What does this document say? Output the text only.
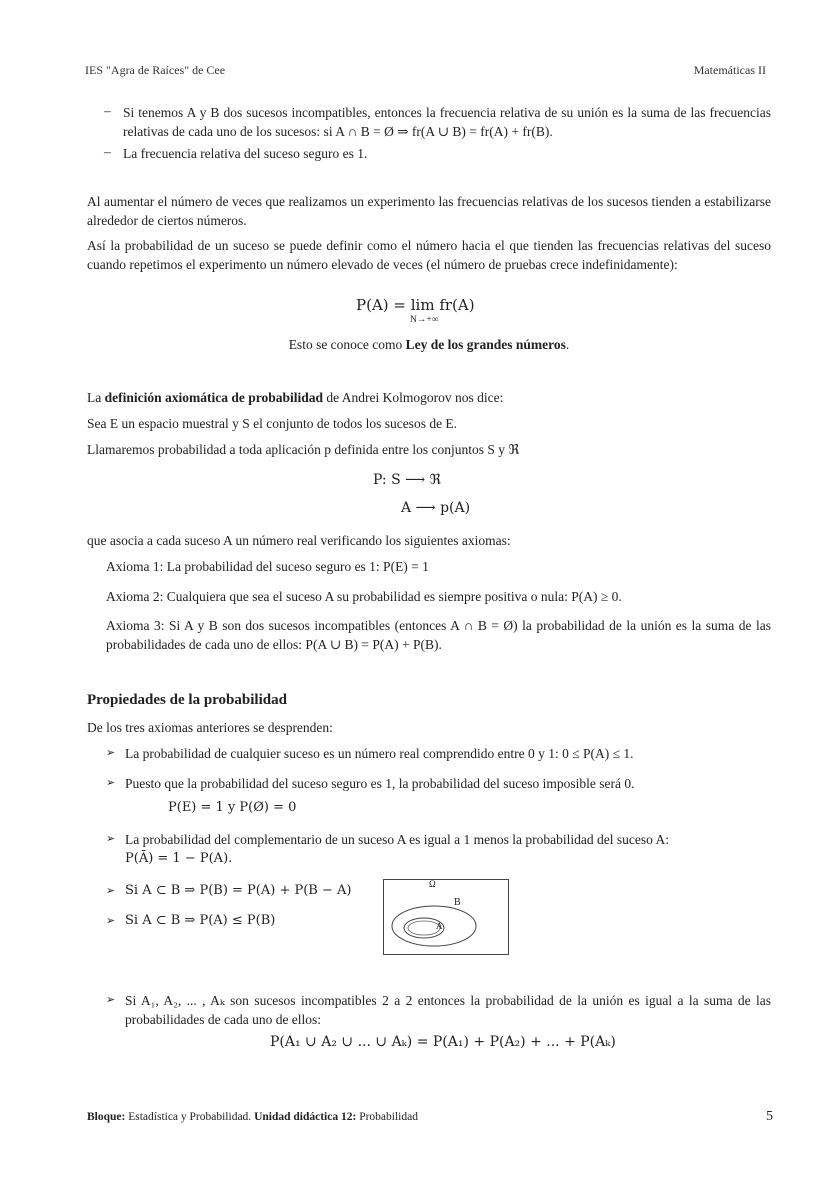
IES "Agra de Raíces" de Cee	Matemáticas II
– Si tenemos A y B dos sucesos incompatibles, entonces la frecuencia relativa de su unión es la suma de las frecuencias relativas de cada uno de los sucesos: si A ∩ B = Ø ⇒ fr(A ∪ B) = fr(A) + fr(B).
– La frecuencia relativa del suceso seguro es 1.
Al aumentar el número de veces que realizamos un experimento las frecuencias relativas de los sucesos tienden a estabilizarse alrededor de ciertos números.
Así la probabilidad de un suceso se puede definir como el número hacia el que tienden las frecuencias relativas del suceso cuando repetimos el experimento un número elevado de veces (el número de pruebas crece indefinidamente):
P(A) = lim fr(A)
N→+∞
Esto se conoce como Ley de los grandes números.
La definición axiomática de probabilidad de Andrei Kolmogorov nos dice:
Sea E un espacio muestral y S el conjunto de todos los sucesos de E.
Llamaremos probabilidad a toda aplicación p definida entre los conjuntos S y ℜ
P: S ⟶ ℜ
A ⟶ p(A)
que asocia a cada suceso A un número real verificando los siguientes axiomas:
Axioma 1: La probabilidad del suceso seguro es 1: P(E) = 1
Axioma 2: Cualquiera que sea el suceso A su probabilidad es siempre positiva o nula: P(A) ≥ 0.
Axioma 3: Si A y B son dos sucesos incompatibles (entonces A ∩ B = Ø) la probabilidad de la unión es la suma de las probabilidades de cada uno de ellos: P(A ∪ B) = P(A) + P(B).
Propiedades de la probabilidad
De los tres axiomas anteriores se desprenden:
➢ La probabilidad de cualquier suceso es un número real comprendido entre 0 y 1: 0 ≤ P(A) ≤ 1.
➢ Puesto que la probabilidad del suceso seguro es 1, la probabilidad del suceso imposible será 0.
P(E) = 1 y P(Ø) = 0
➢ La probabilidad del complementario de un suceso A es igual a 1 menos la probabilidad del suceso A:
P(Ā) = 1 − P(A).
➢ Si A ⊂ B ⇒ P(B) = P(A) + P(B − A)
➢ Si A ⊂ B ⇒ P(A) ≤ P(B)
Ω
B
A
➢ Si A₁, A₂, ... , Aₖ son sucesos incompatibles 2 a 2 entonces la probabilidad de la unión es igual a la suma de las probabilidades de cada uno de ellos:
P(A₁ ∪ A₂ ∪ ... ∪ Aₖ) = P(A₁) + P(A₂) + ... + P(Aₖ)
Bloque: Estadística y Probabilidad. Unidad didáctica 12: Probabilidad	5
